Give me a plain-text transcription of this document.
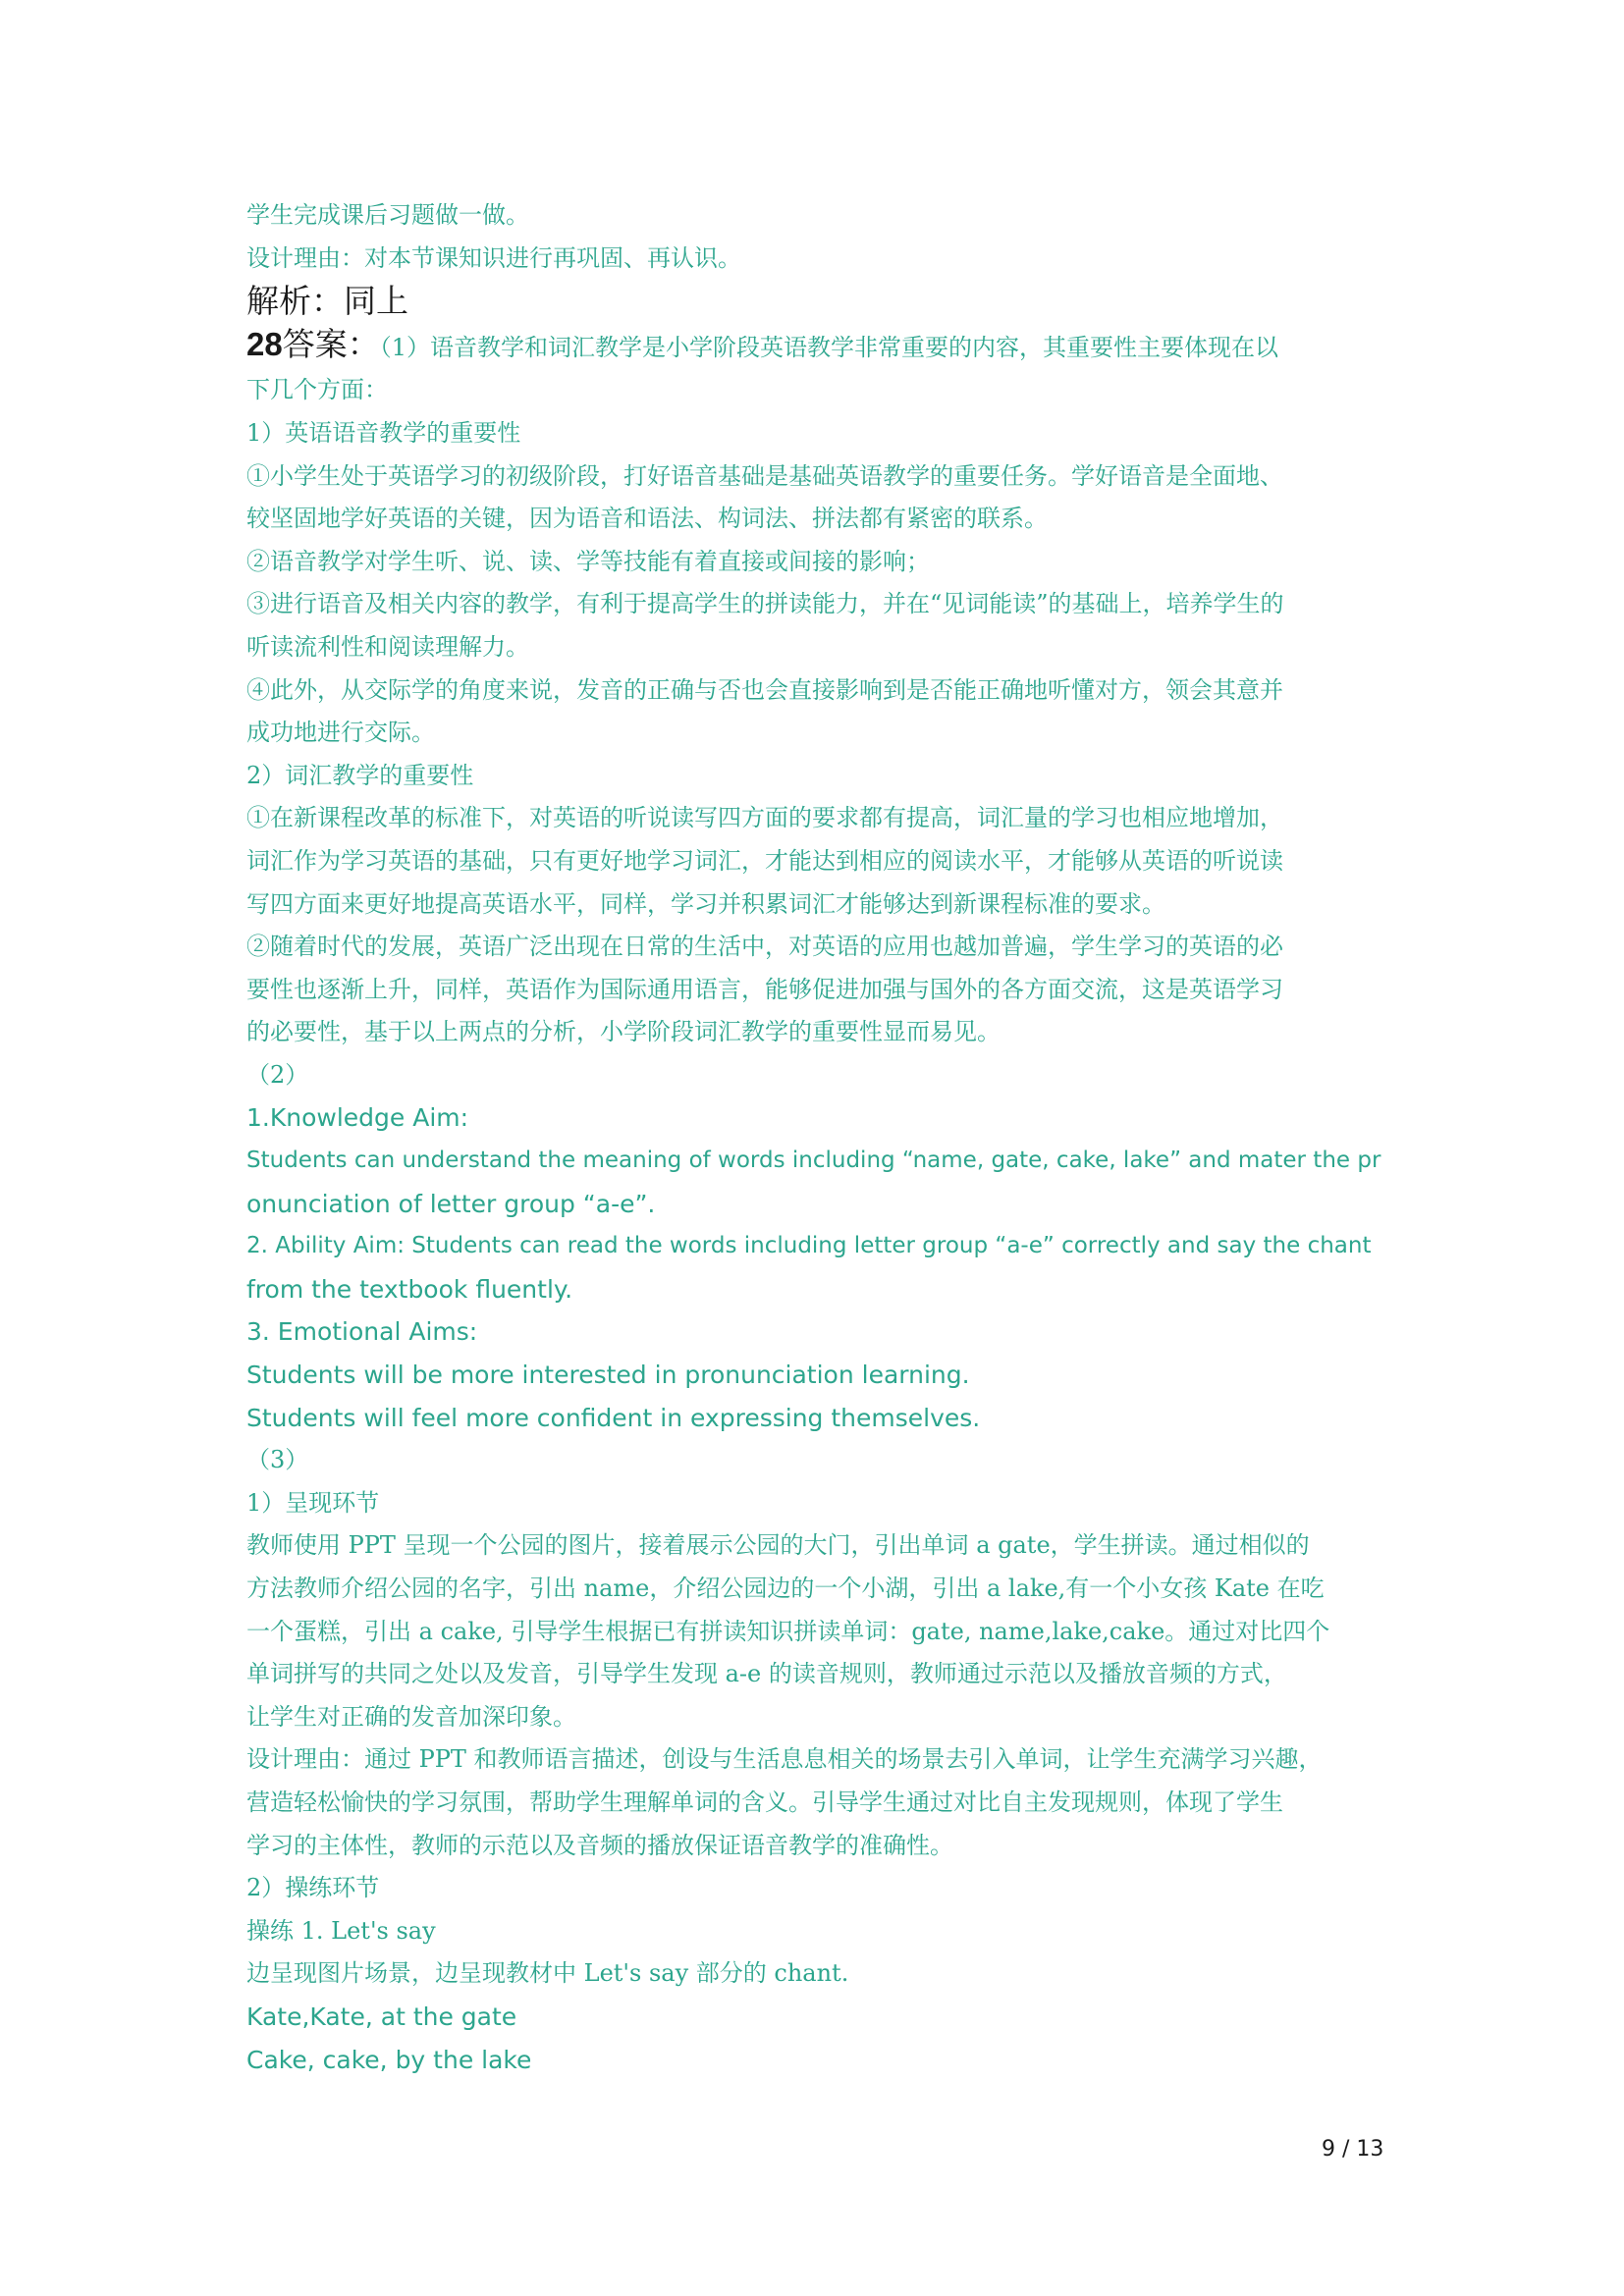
学生完成课后习题做一做。
设计理由：对本节课知识进行再巩固、再认识。
解析：同上
28答案：（1）语音教学和词汇教学是小学阶段英语教学非常重要的内容，其重要性主要体现在以
下几个方面：
1）英语语音教学的重要性
①小学生处于英语学习的初级阶段，打好语音基础是基础英语教学的重要任务。学好语音是全面地、
较坚固地学好英语的关键，因为语音和语法、构词法、拼法都有紧密的联系。
②语音教学对学生听、说、读、学等技能有着直接或间接的影响；
③进行语音及相关内容的教学，有利于提高学生的拼读能力，并在“见词能读”的基础上，培养学生的
听读流利性和阅读理解力。
④此外，从交际学的角度来说，发音的正确与否也会直接影响到是否能正确地听懂对方，领会其意并
成功地进行交际。
2）词汇教学的重要性
①在新课程改革的标准下，对英语的听说读写四方面的要求都有提高，词汇量的学习也相应地增加，
词汇作为学习英语的基础，只有更好地学习词汇，才能达到相应的阅读水平，才能够从英语的听说读
写四方面来更好地提高英语水平，同样，学习并积累词汇才能够达到新课程标准的要求。
②随着时代的发展，英语广泛出现在日常的生活中，对英语的应用也越加普遍，学生学习的英语的必
要性也逐渐上升，同样，英语作为国际通用语言，能够促进加强与国外的各方面交流，这是英语学习
的必要性，基于以上两点的分析，小学阶段词汇教学的重要性显而易见。
（2）
1.Knowledge Aim:
Students can understand the meaning of words including “name, gate, cake, lake” and mater the pr
onunciation of letter group “a-e”.
2. Ability Aim: Students can read the words including letter group “a-e” correctly and say the chant
from the textbook fluently.
3. Emotional Aims:
Students will be more interested in pronunciation learning.
Students will feel more confident in expressing themselves.
（3）
1）呈现环节
教师使用 PPT 呈现一个公园的图片，接着展示公园的大门，引出单词 a gate，学生拼读。通过相似的
方法教师介绍公园的名字，引出 name，介绍公园边的一个小湖，引出 a lake,有一个小女孩 Kate 在吃
一个蛋糕，引出 a cake, 引导学生根据已有拼读知识拼读单词：gate, name,lake,cake。通过对比四个
单词拼写的共同之处以及发音，引导学生发现 a-e 的读音规则，教师通过示范以及播放音频的方式，
让学生对正确的发音加深印象。
设计理由：通过 PPT 和教师语言描述，创设与生活息息相关的场景去引入单词，让学生充满学习兴趣，
营造轻松愉快的学习氛围，帮助学生理解单词的含义。引导学生通过对比自主发现规则，体现了学生
学习的主体性，教师的示范以及音频的播放保证语音教学的准确性。
2）操练环节
操练 1. Let's say
边呈现图片场景，边呈现教材中 Let's say 部分的 chant.
Kate,Kate, at the gate
Cake, cake, by the lake
9 / 13
